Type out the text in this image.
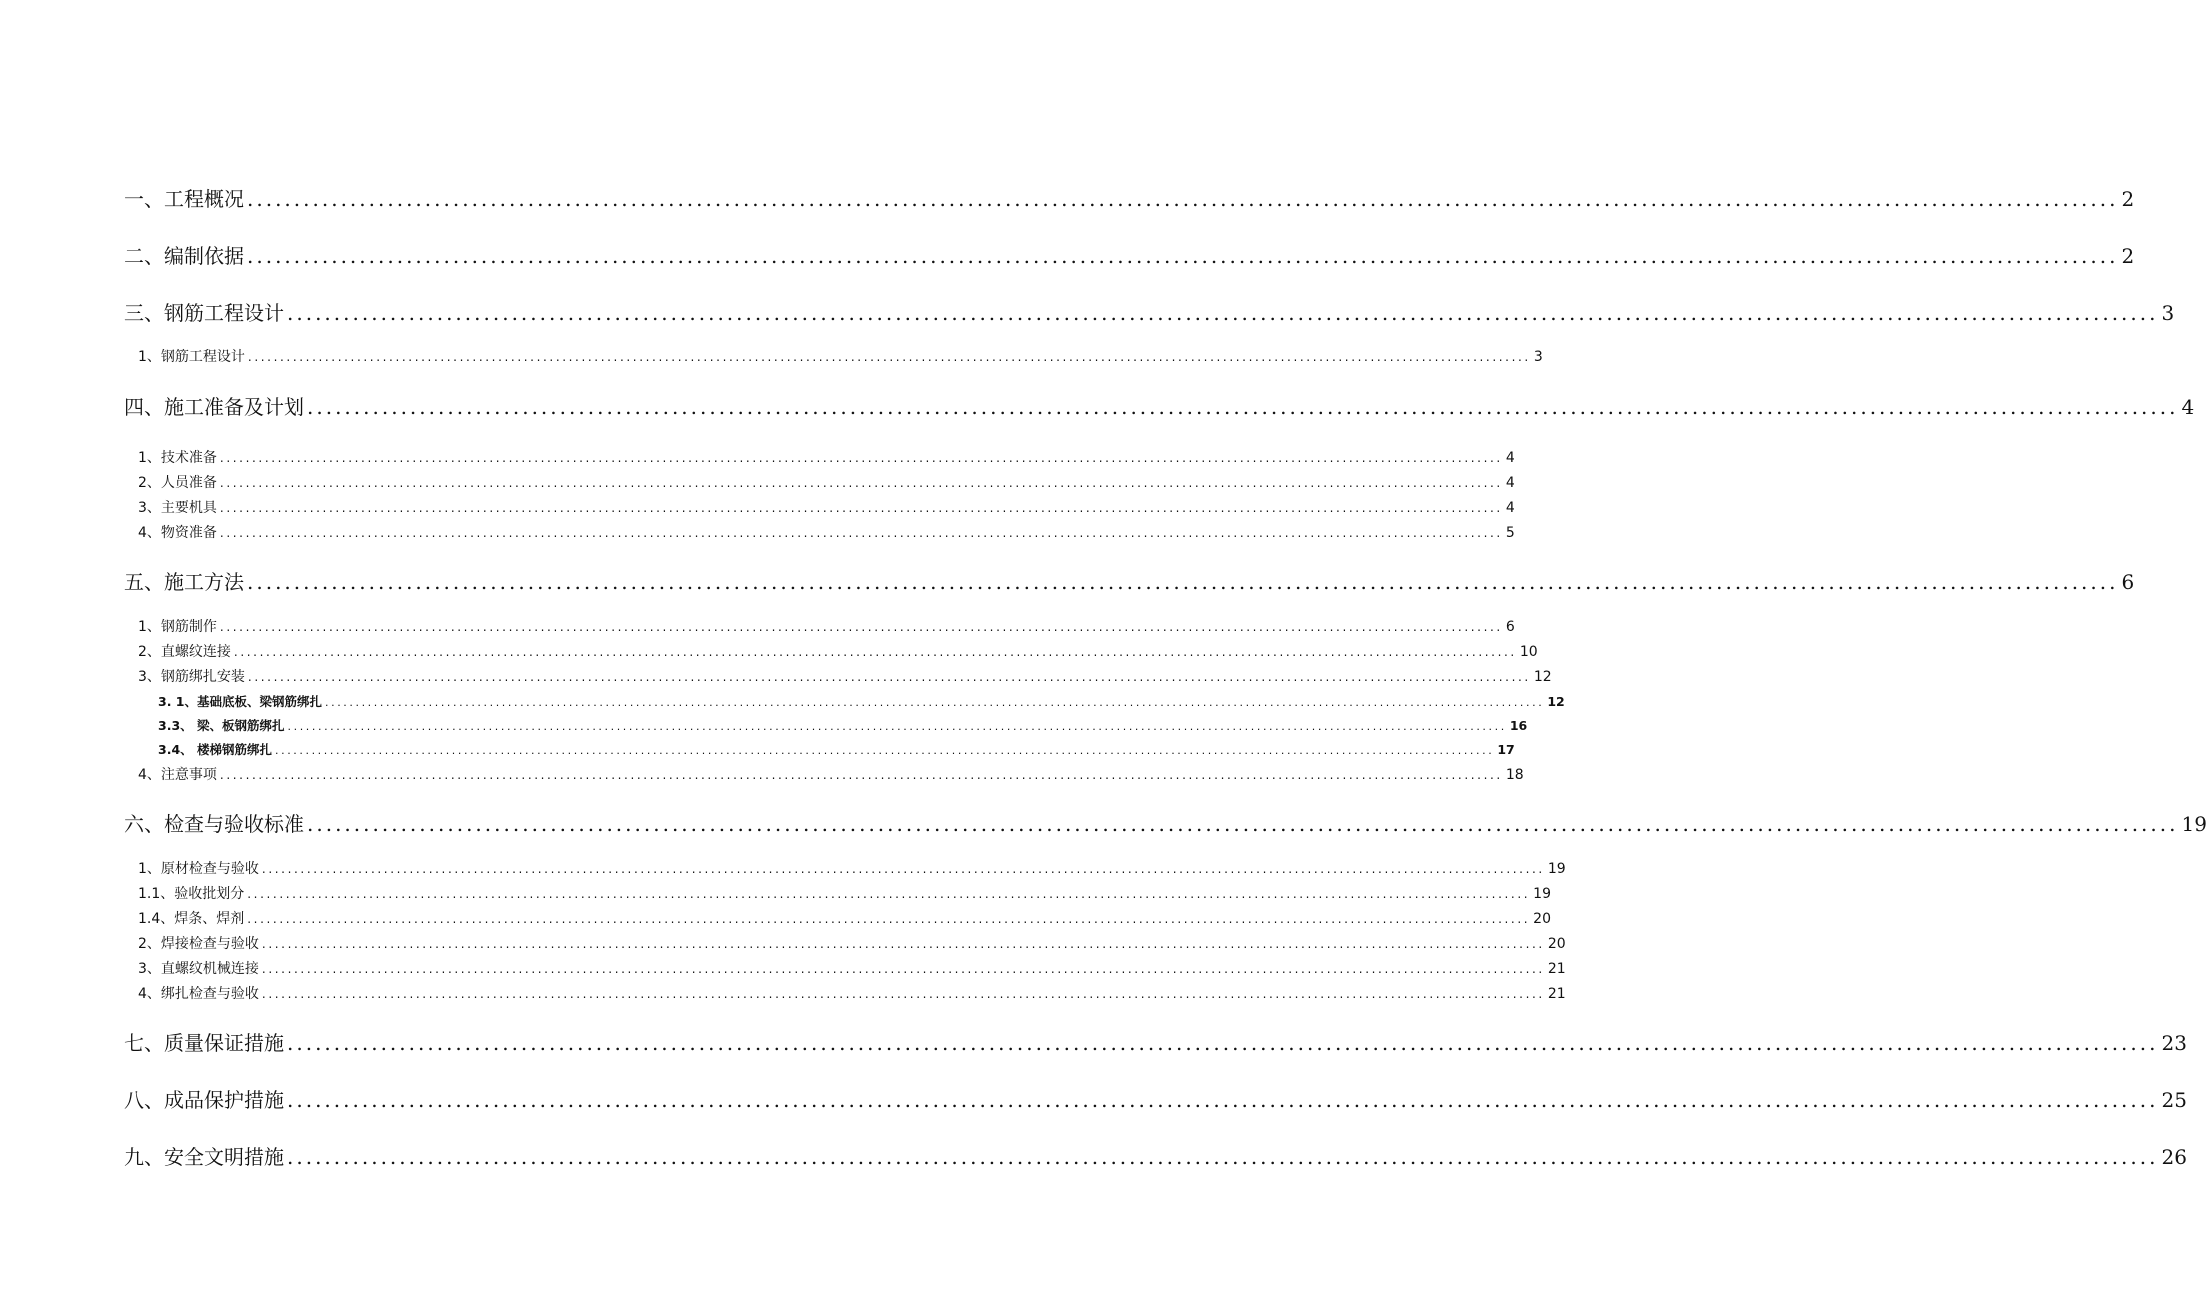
一、工程概况 ........................................................................................................................................................................................................ 2
二、编制依据 ........................................................................................................................................................................................................ 2
三、钢筋工程设计 ........................................................................................................................................................................................................ 3
1、钢筋工程设计 ........................................................................................................................................................................................................ 3
四、施工准备及计划 ........................................................................................................................................................................................................ 4
1、技术准备 ........................................................................................................................................................................................................ 4
2、人员准备 ........................................................................................................................................................................................................ 4
3、主要机具 ........................................................................................................................................................................................................ 4
4、物资准备 ........................................................................................................................................................................................................ 5
五、施工方法 ........................................................................................................................................................................................................ 6
1、钢筋制作 ........................................................................................................................................................................................................ 6
2、直螺纹连接 ........................................................................................................................................................................................................ 10
3、钢筋绑扎安装 ........................................................................................................................................................................................................ 12
3. 1、基础底板、梁钢筋绑扎 ........................................................................................................................................................................................................ 12
3.3、 梁、板钢筋绑扎 ........................................................................................................................................................................................................ 16
3.4、 楼梯钢筋绑扎 ........................................................................................................................................................................................................ 17
4、注意事项 ........................................................................................................................................................................................................ 18
六、检查与验收标准 ........................................................................................................................................................................................................ 19
1、原材检查与验收 ........................................................................................................................................................................................................ 19
1.1、验收批划分 ........................................................................................................................................................................................................ 19
1.4、焊条、焊剂 ........................................................................................................................................................................................................ 20
2、焊接检查与验收 ........................................................................................................................................................................................................ 20
3、直螺纹机械连接 ........................................................................................................................................................................................................ 21
4、绑扎检查与验收 ........................................................................................................................................................................................................ 21
七、质量保证措施 ........................................................................................................................................................................................................ 23
八、成品保护措施 ........................................................................................................................................................................................................ 25
九、安全文明措施 ........................................................................................................................................................................................................ 26
